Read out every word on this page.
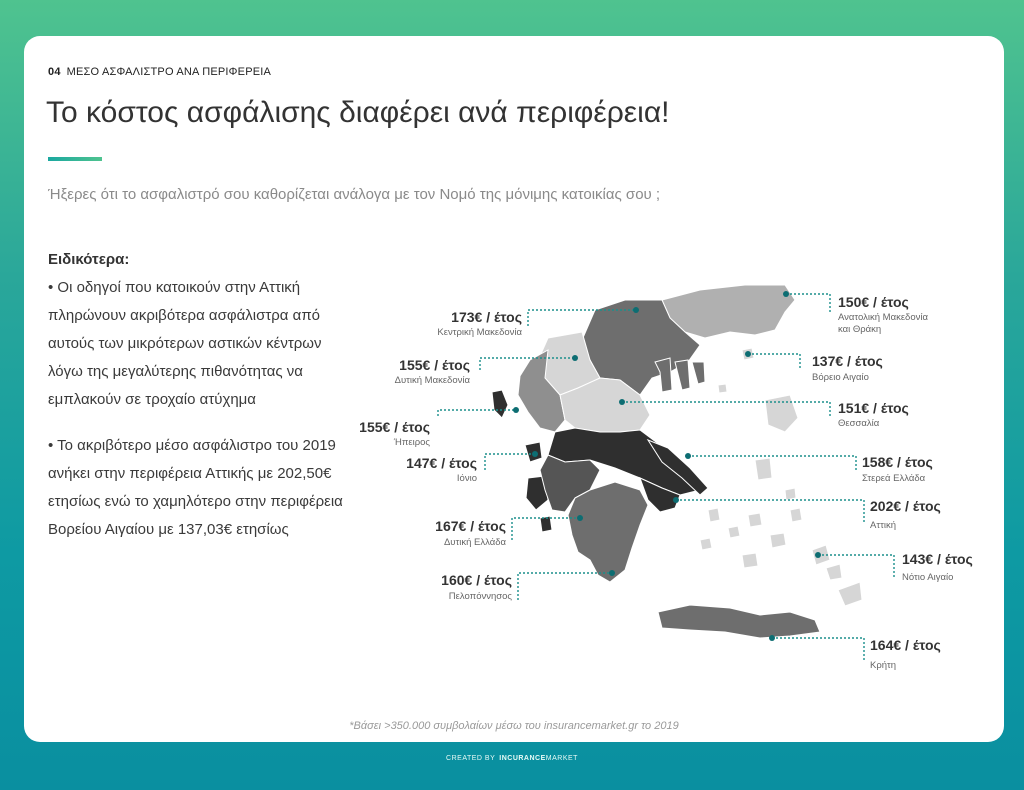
04 ΜΕΣΟ ΑΣΦΑΛΙΣΤΡΟ ΑΝΑ ΠΕΡΙΦΕΡΕΙΑ
Το κόστος ασφάλισης διαφέρει ανά περιφέρεια!
Ήξερες ότι το ασφαλιστρό σου καθορίζεται ανάλογα με τον Νομό της μόνιμης κατοικίας σου ;
Ειδικότερα:

• Οι οδηγοί που κατοικούν στην Αττική πληρώνουν ακριβότερα ασφάλιστρα από αυτούς των μικρότερων αστικών κέντρων λόγω της μεγαλύτερης πιθανότητας να εμπλακούν σε τροχαίο ατύχημα

• Το ακριβότερο μέσο ασφάλιστρο του 2019 ανήκει στην περιφέρεια Αττικής με 202,50€ ετησίως ενώ το χαμηλότερο στην περιφέρεια Βορείου Αιγαίου με 137,03€ ετησίως

*Βάσει >350.000 συμβολαίων μέσω του insurancemarket.gr το 2019
173€ / έτος
Κεντρική Μακεδονία
150€ / έτος
Ανατολική Μακεδονία
και Θράκη
155€ / έτος
Δυτική Μακεδονία
137€ / έτος
Βόρειο Αιγαίο
155€ / έτος
Ήπειρος
151€ / έτος
Θεσσαλία
147€ / έτος
Ιόνιο
158€ / έτος
Στερεά Ελλάδα
167€ / έτος
Δυτική Ελλάδα
202€ / έτος
Αττική
160€ / έτος
Πελοπόννησος
143€ / έτος
Νότιο Αιγαίο
164€ / έτος
Κρήτη
CREATED BY INCURANCEMARKET
